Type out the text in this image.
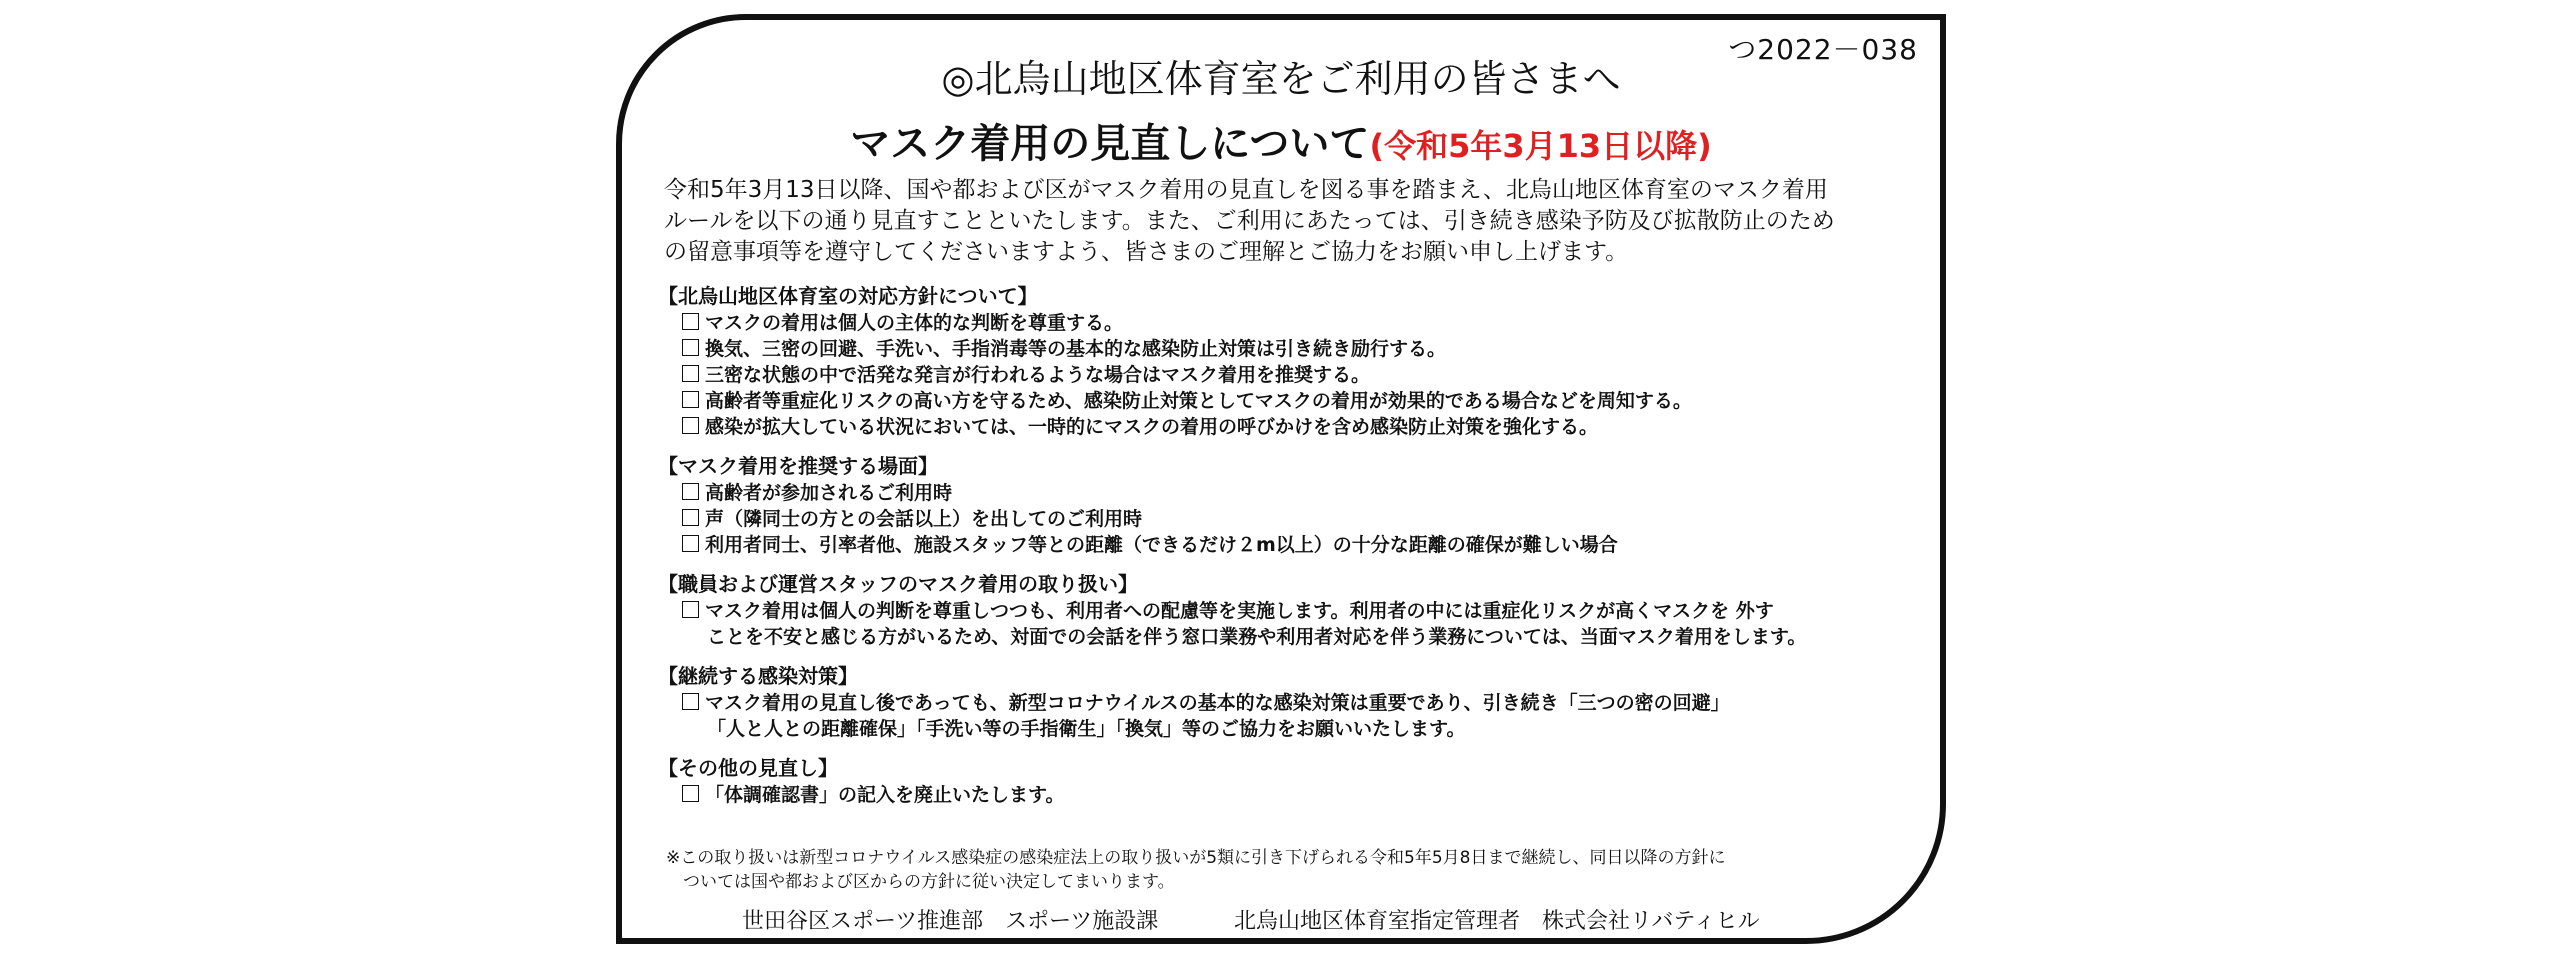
つ2022－038
◎北烏山地区体育室をご利用の皆さまへ
マスク着用の見直しについて(令和5年3月13日以降)
令和5年3月13日以降、国や都および区がマスク着用の見直しを図る事を踏まえ、北烏山地区体育室のマスク着用
ルールを以下の通り見直すことといたします。また、ご利用にあたっては、引き続き感染予防及び拡散防止のため
の留意事項等を遵守してくださいますよう、皆さまのご理解とご協力をお願い申し上げます。
【北烏山地区体育室の対応方針について】
マスクの着用は個人の主体的な判断を尊重する。
換気、三密の回避、手洗い、手指消毒等の基本的な感染防止対策は引き続き励行する。
三密な状態の中で活発な発言が行われるような場合はマスク着用を推奨する。
高齢者等重症化リスクの高い方を守るため、感染防止対策としてマスクの着用が効果的である場合などを周知する。
感染が拡大している状況においては、一時的にマスクの着用の呼びかけを含め感染防止対策を強化する。
【マスク着用を推奨する場面】
高齢者が参加されるご利用時
声（隣同士の方との会話以上）を出してのご利用時
利用者同士、引率者他、施設スタッフ等との距離（できるだけ２m以上）の十分な距離の確保が難しい場合
【職員および運営スタッフのマスク着用の取り扱い】
マスク着用は個人の判断を尊重しつつも、利用者への配慮等を実施します。利用者の中には重症化リスクが高くマスクを 外す
ことを不安と感じる方がいるため、対面での会話を伴う窓口業務や利用者対応を伴う業務については、当面マスク着用をします。
【継続する感染対策】
マスク着用の見直し後であっても、新型コロナウイルスの基本的な感染対策は重要であり、引き続き「三つの密の回避」
「人と人との距離確保」「手洗い等の手指衛生」「換気」等のご協力をお願いいたします。
【その他の見直し】
「体調確認書」の記入を廃止いたします。
※この取り扱いは新型コロナウイルス感染症の感染症法上の取り扱いが5類に引き下げられる令和5年5月8日まで継続し、同日以降の方針に
　ついては国や都および区からの方針に従い決定してまいります。
世田谷区スポーツ推進部　スポーツ施設課	北烏山地区体育室指定管理者　株式会社リバティヒル
